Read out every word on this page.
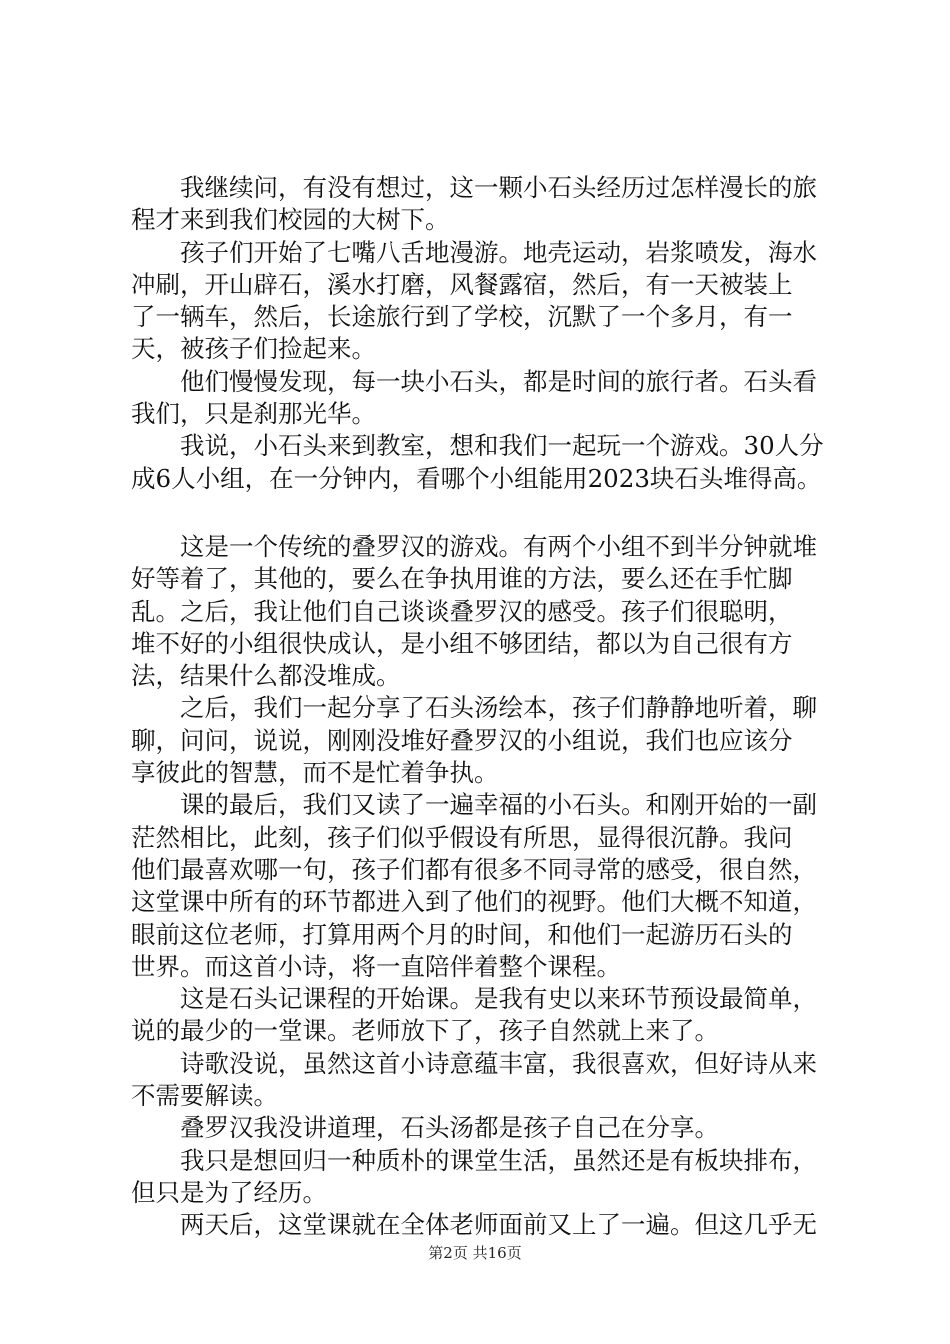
我继续问，有没有想过，这一颗小石头经历过怎样漫长的旅
程才来到我们校园的大树下。
孩子们开始了七嘴八舌地漫游。地壳运动，岩浆喷发，海水
冲刷，开山辟石，溪水打磨，风餐露宿，然后，有一天被装上
了一辆车，然后，长途旅行到了学校，沉默了一个多月，有一
天，被孩子们捡起来。
他们慢慢发现，每一块小石头，都是时间的旅行者。石头看
我们，只是刹那光华。
我说，小石头来到教室，想和我们一起玩一个游戏。30人分
成6人小组，在一分钟内，看哪个小组能用2023块石头堆得高。
这是一个传统的叠罗汉的游戏。有两个小组不到半分钟就堆
好等着了，其他的，要么在争执用谁的方法，要么还在手忙脚
乱。之后，我让他们自己谈谈叠罗汉的感受。孩子们很聪明，
堆不好的小组很快成认，是小组不够团结，都以为自己很有方
法，结果什么都没堆成。
之后，我们一起分享了石头汤绘本，孩子们静静地听着，聊
聊，问问，说说，刚刚没堆好叠罗汉的小组说，我们也应该分
享彼此的智慧，而不是忙着争执。
课的最后，我们又读了一遍幸福的小石头。和刚开始的一副
茫然相比，此刻，孩子们似乎假设有所思，显得很沉静。我问
他们最喜欢哪一句，孩子们都有很多不同寻常的感受，很自然，
这堂课中所有的环节都进入到了他们的视野。他们大概不知道，
眼前这位老师，打算用两个月的时间，和他们一起游历石头的
世界。而这首小诗，将一直陪伴着整个课程。
这是石头记课程的开始课。是我有史以来环节预设最简单，
说的最少的一堂课。老师放下了，孩子自然就上来了。
诗歌没说，虽然这首小诗意蕴丰富，我很喜欢，但好诗从来
不需要解读。
叠罗汉我没讲道理，石头汤都是孩子自己在分享。
我只是想回归一种质朴的课堂生活，虽然还是有板块排布，
但只是为了经历。
两天后，这堂课就在全体老师面前又上了一遍。但这几乎无
第2页 共16页
